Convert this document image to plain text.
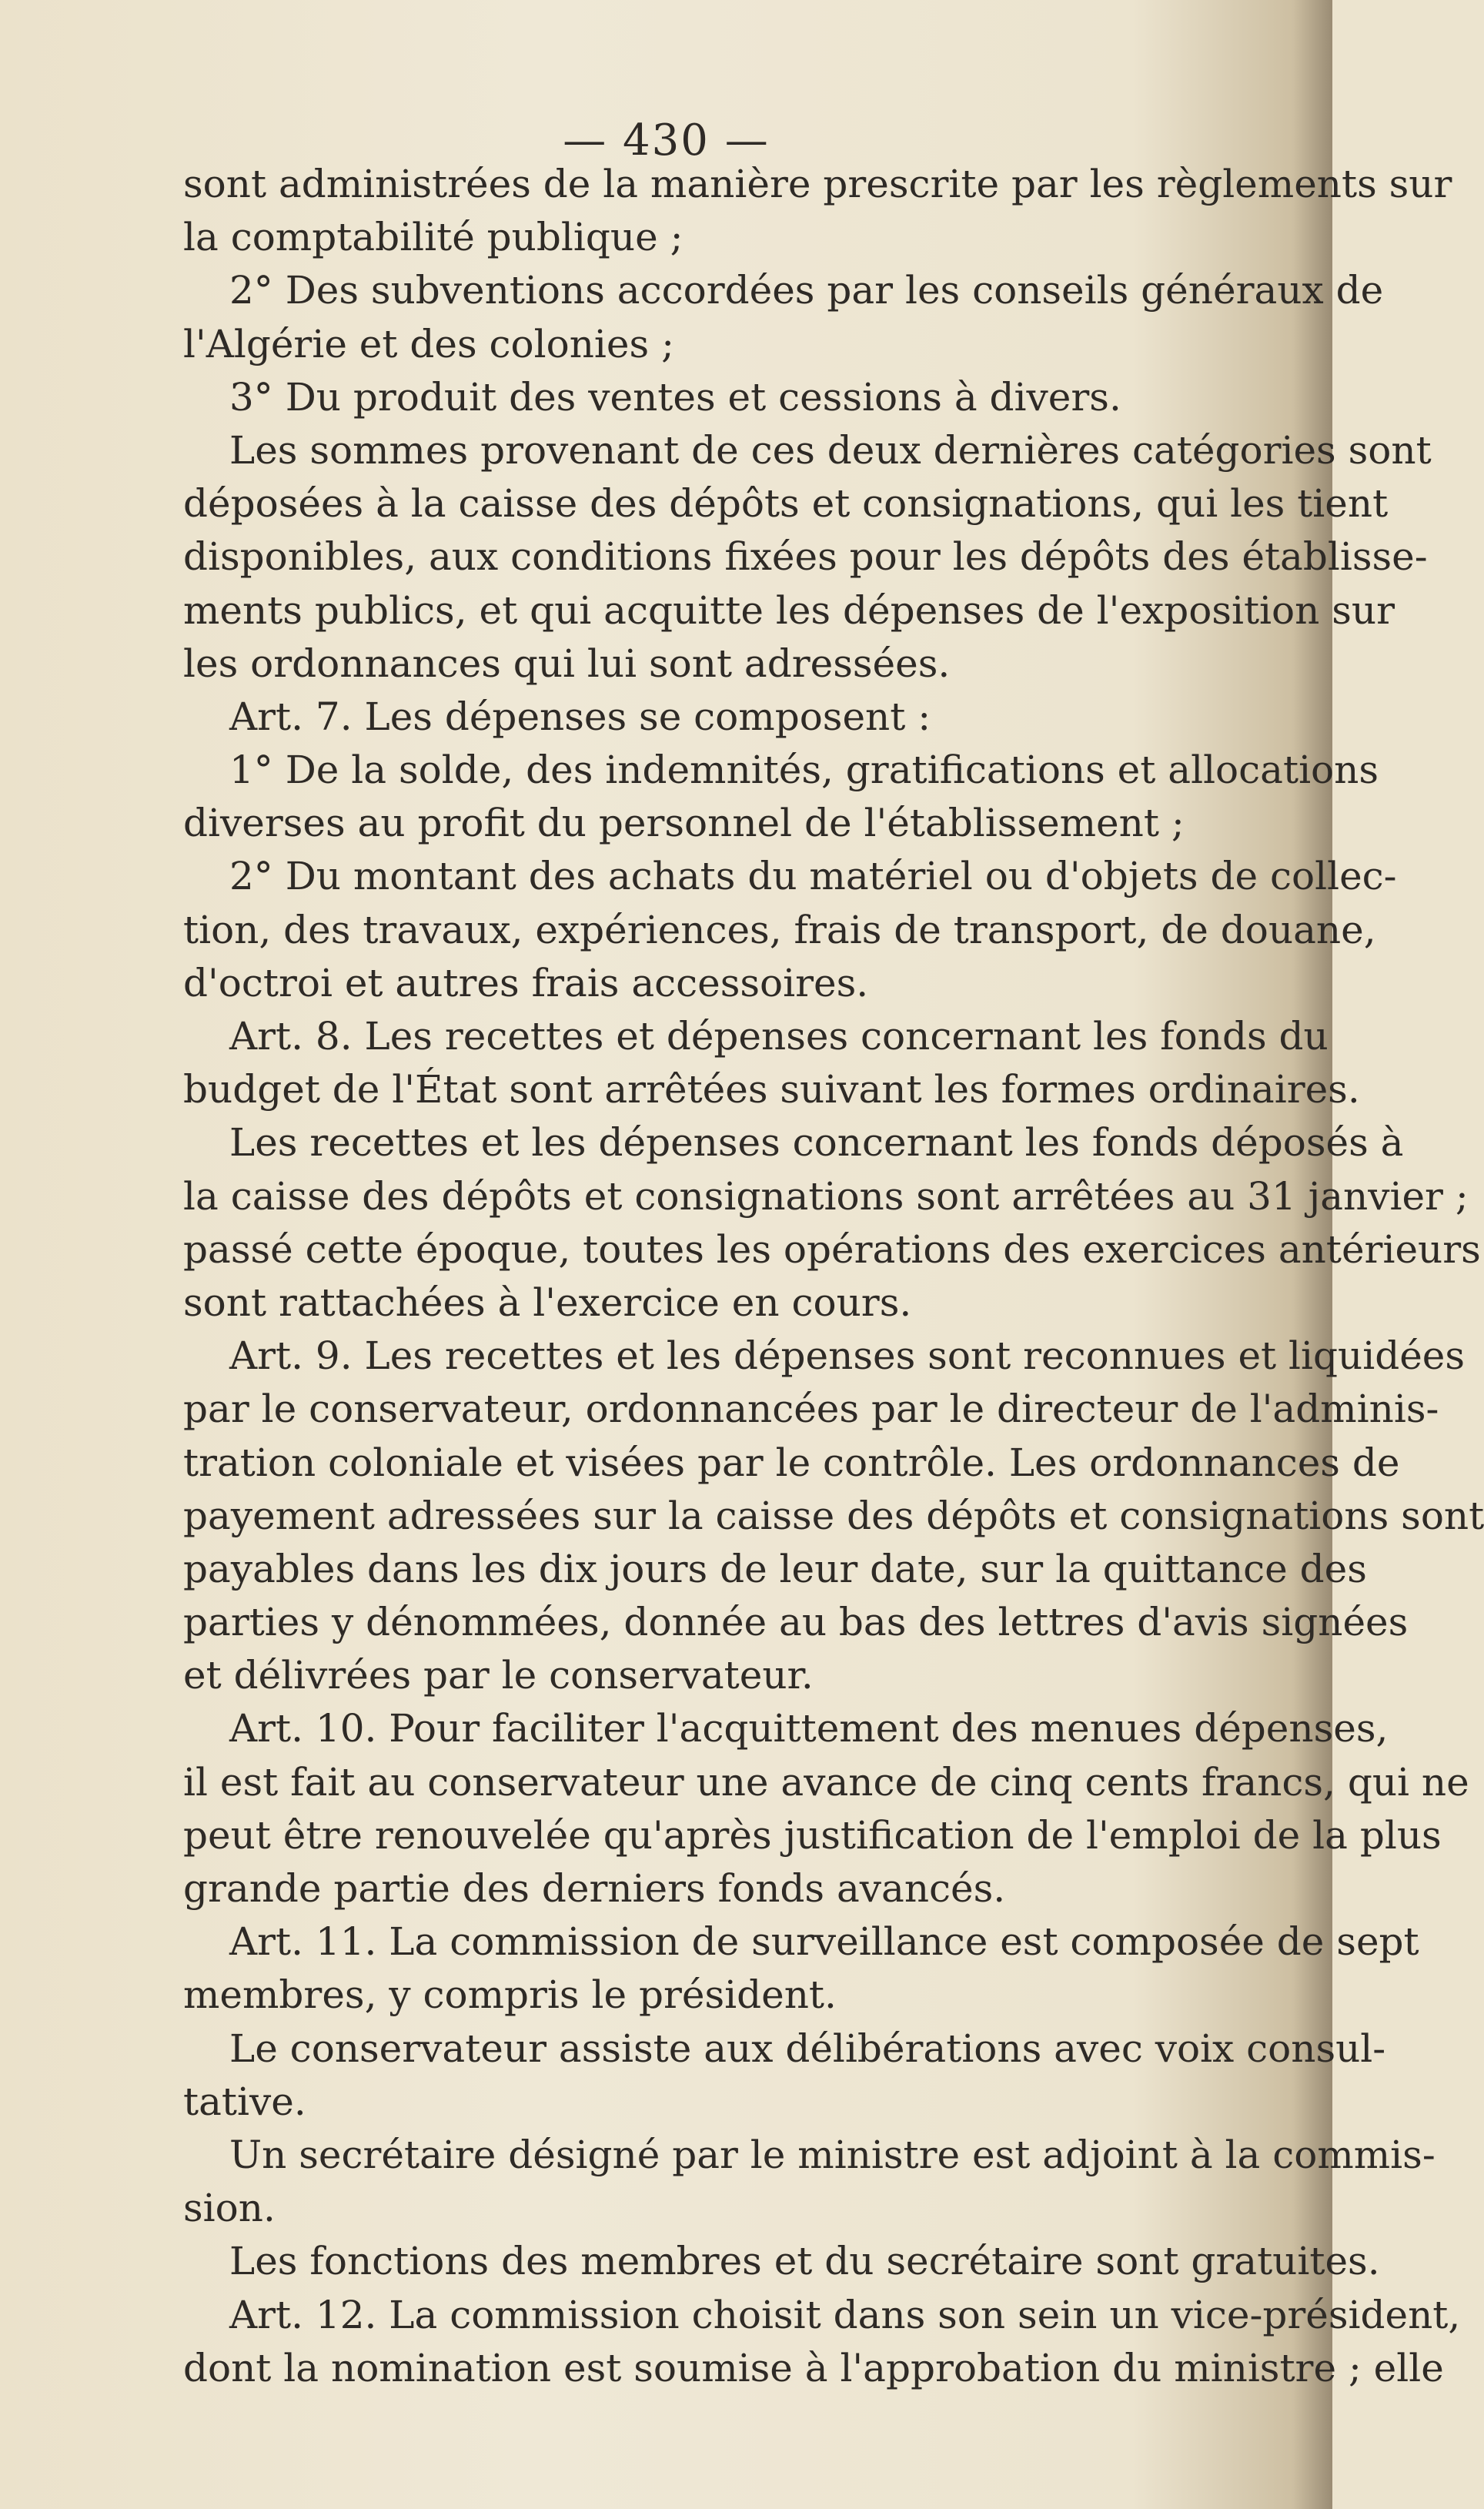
— 430 —
sont administrées de la manière prescrite par les règlements sur
la comptabilité publique ;
2° Des subventions accordées par les conseils généraux de
l'Algérie et des colonies ;
3° Du produit des ventes et cessions à divers.
Les sommes provenant de ces deux dernières catégories sont
déposées à la caisse des dépôts et consignations, qui les tient
disponibles, aux conditions fixées pour les dépôts des établisse-
ments publics, et qui acquitte les dépenses de l'exposition sur
les ordonnances qui lui sont adressées.
Art. 7. Les dépenses se composent :
1° De la solde, des indemnités, gratifications et allocations
diverses au profit du personnel de l'établissement ;
2° Du montant des achats du matériel ou d'objets de collec-
tion, des travaux, expériences, frais de transport, de douane,
d'octroi et autres frais accessoires.
Art. 8. Les recettes et dépenses concernant les fonds du
budget de l'État sont arrêtées suivant les formes ordinaires.
Les recettes et les dépenses concernant les fonds déposés à
la caisse des dépôts et consignations sont arrêtées au 31 janvier ;
passé cette époque, toutes les opérations des exercices antérieurs
sont rattachées à l'exercice en cours.
Art. 9. Les recettes et les dépenses sont reconnues et liquidées
par le conservateur, ordonnancées par le directeur de l'adminis-
tration coloniale et visées par le contrôle. Les ordonnances de
payement adressées sur la caisse des dépôts et consignations sont
payables dans les dix jours de leur date, sur la quittance des
parties y dénommées, donnée au bas des lettres d'avis signées
et délivrées par le conservateur.
Art. 10. Pour faciliter l'acquittement des menues dépenses,
il est fait au conservateur une avance de cinq cents francs, qui ne
peut être renouvelée qu'après justification de l'emploi de la plus
grande partie des derniers fonds avancés.
Art. 11. La commission de surveillance est composée de sept
membres, y compris le président.
Le conservateur assiste aux délibérations avec voix consul-
tative.
Un secrétaire désigné par le ministre est adjoint à la commis-
sion.
Les fonctions des membres et du secrétaire sont gratuites.
Art. 12. La commission choisit dans son sein un vice-président,
dont la nomination est soumise à l'approbation du ministre ; elle
